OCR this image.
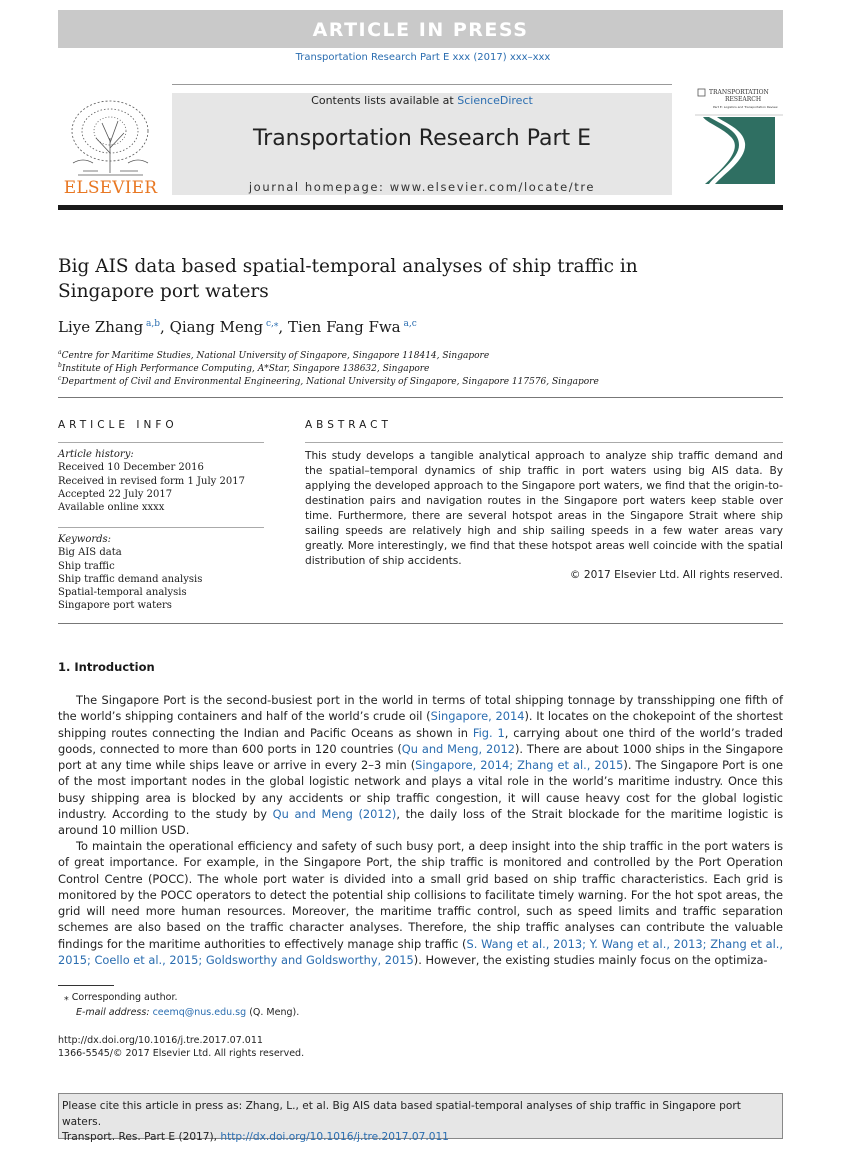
ARTICLE IN PRESS
Transportation Research Part E xxx (2017) xxx–xxx
ELSEVIER
Contents lists available at ScienceDirect
Transportation Research Part E
journal homepage: www.elsevier.com/locate/tre
TRANSPORTATION
RESEARCH
Part E: Logistics and Transportation Review
Big AIS data based spatial-temporal analyses of ship traffic in
Singapore port waters
Liye Zhang $^{a,b}$, Qiang Meng $^{c,⁎}$, Tien Fang Fwa $^{a,c}$
$^a$Centre for Maritime Studies, National University of Singapore, Singapore 118414, Singapore
$^b$Institute of High Performance Computing, A*Star, Singapore 138632, Singapore
$^c$Department of Civil and Environmental Engineering, National University of Singapore, Singapore 117576, Singapore
ARTICLE INFO
Article history:
Received 10 December 2016
Received in revised form 1 July 2017
Accepted 22 July 2017
Available online xxxx
Keywords:
Big AIS data
Ship traffic
Ship traffic demand analysis
Spatial-temporal analysis
Singapore port waters
ABSTRACT
This study develops a tangible analytical approach to analyze ship traffic demand and the spatial–temporal dynamics of ship traffic in port waters using big AIS data. By applying the developed approach to the Singapore port waters, we find that the origin-to-destination pairs and navigation routes in the Singapore port waters keep stable over time. Furthermore, there are several hotspot areas in the Singapore Strait where ship sailing speeds are relatively high and ship sailing speeds in a few water areas vary greatly. More interestingly, we find that these hotspot areas well coincide with the spatial distribution of ship accidents.
© 2017 Elsevier Ltd. All rights reserved.
1. Introduction
The Singapore Port is the second-busiest port in the world in terms of total shipping tonnage by transshipping one fifth of the world’s shipping containers and half of the world’s crude oil (Singapore, 2014). It locates on the chokepoint of the shortest shipping routes connecting the Indian and Pacific Oceans as shown in Fig. 1, carrying about one third of the world’s traded goods, connected to more than 600 ports in 120 countries (Qu and Meng, 2012). There are about 1000 ships in the Singapore port at any time while ships leave or arrive in every 2–3 min (Singapore, 2014; Zhang et al., 2015). The Singapore Port is one of the most important nodes in the global logistic network and plays a vital role in the world’s maritime industry. Once this busy shipping area is blocked by any accidents or ship traffic congestion, it will cause heavy cost for the global logistic industry. According to the study by Qu and Meng (2012), the daily loss of the Strait blockade for the maritime logistic is around 10 million USD.
To maintain the operational efficiency and safety of such busy port, a deep insight into the ship traffic in the port waters is of great importance. For example, in the Singapore Port, the ship traffic is monitored and controlled by the Port Operation Control Centre (POCC). The whole port water is divided into a small grid based on ship traffic characteristics. Each grid is monitored by the POCC operators to detect the potential ship collisions to facilitate timely warning. For the hot spot areas, the grid will need more human resources. Moreover, the maritime traffic control, such as speed limits and traffic separation schemes are also based on the traffic character analyses. Therefore, the ship traffic analyses can contribute the valuable findings for the maritime authorities to effectively manage ship traffic (S. Wang et al., 2013; Y. Wang et al., 2013; Zhang et al., 2015; Coello et al., 2015; Goldsworthy and Goldsworthy, 2015). However, the existing studies mainly focus on the optimiza-
⁎ Corresponding author.
E-mail address: ceemq@nus.edu.sg (Q. Meng).
http://dx.doi.org/10.1016/j.tre.2017.07.011
1366-5545/© 2017 Elsevier Ltd. All rights reserved.
Please cite this article in press as: Zhang, L., et al. Big AIS data based spatial-temporal analyses of ship traffic in Singapore port waters.
Transport. Res. Part E (2017), http://dx.doi.org/10.1016/j.tre.2017.07.011
